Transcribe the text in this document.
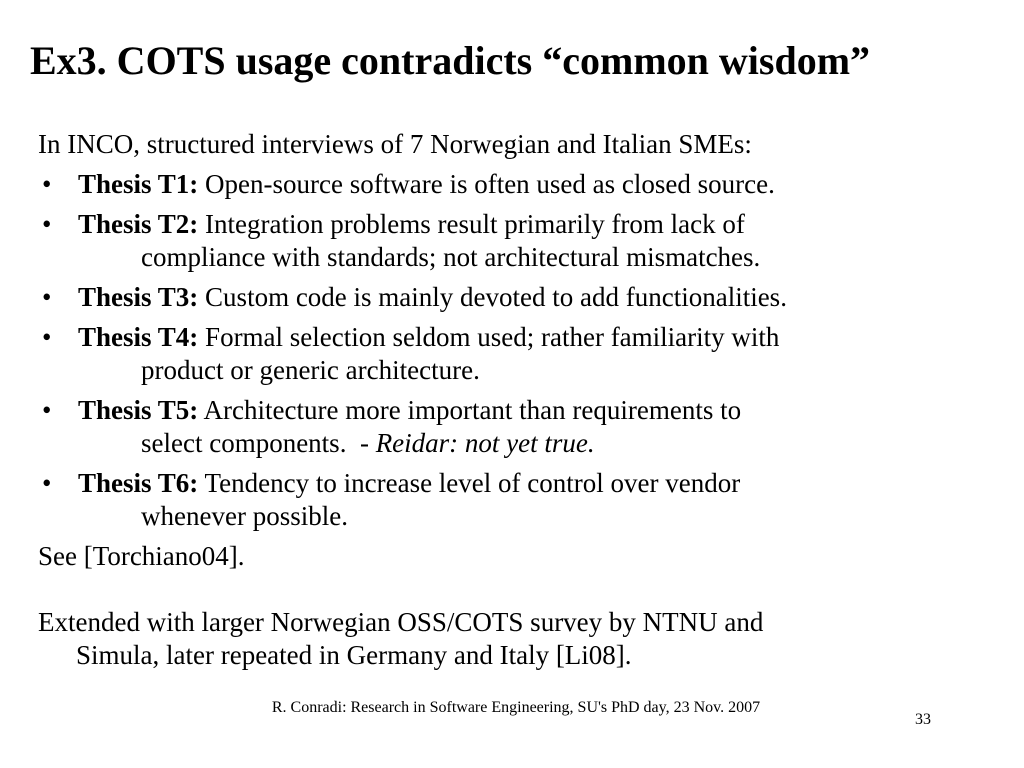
Ex3. COTS usage contradicts “common wisdom”
In INCO, structured interviews of 7 Norwegian and Italian SMEs:
• Thesis T1: Open-source software is often used as closed source.
• Thesis T2: Integration problems result primarily from lack of
compliance with standards; not architectural mismatches.
• Thesis T3: Custom code is mainly devoted to add functionalities.
• Thesis T4: Formal selection seldom used; rather familiarity with
product or generic architecture.
• Thesis T5: Architecture more important than requirements to
select components.  - Reidar: not yet true.
• Thesis T6: Tendency to increase level of control over vendor
whenever possible.
See [Torchiano04].
Extended with larger Norwegian OSS/COTS survey by NTNU and
Simula, later repeated in Germany and Italy [Li08].
R. Conradi: Research in Software Engineering, SU's PhD day, 23 Nov. 2007
33
